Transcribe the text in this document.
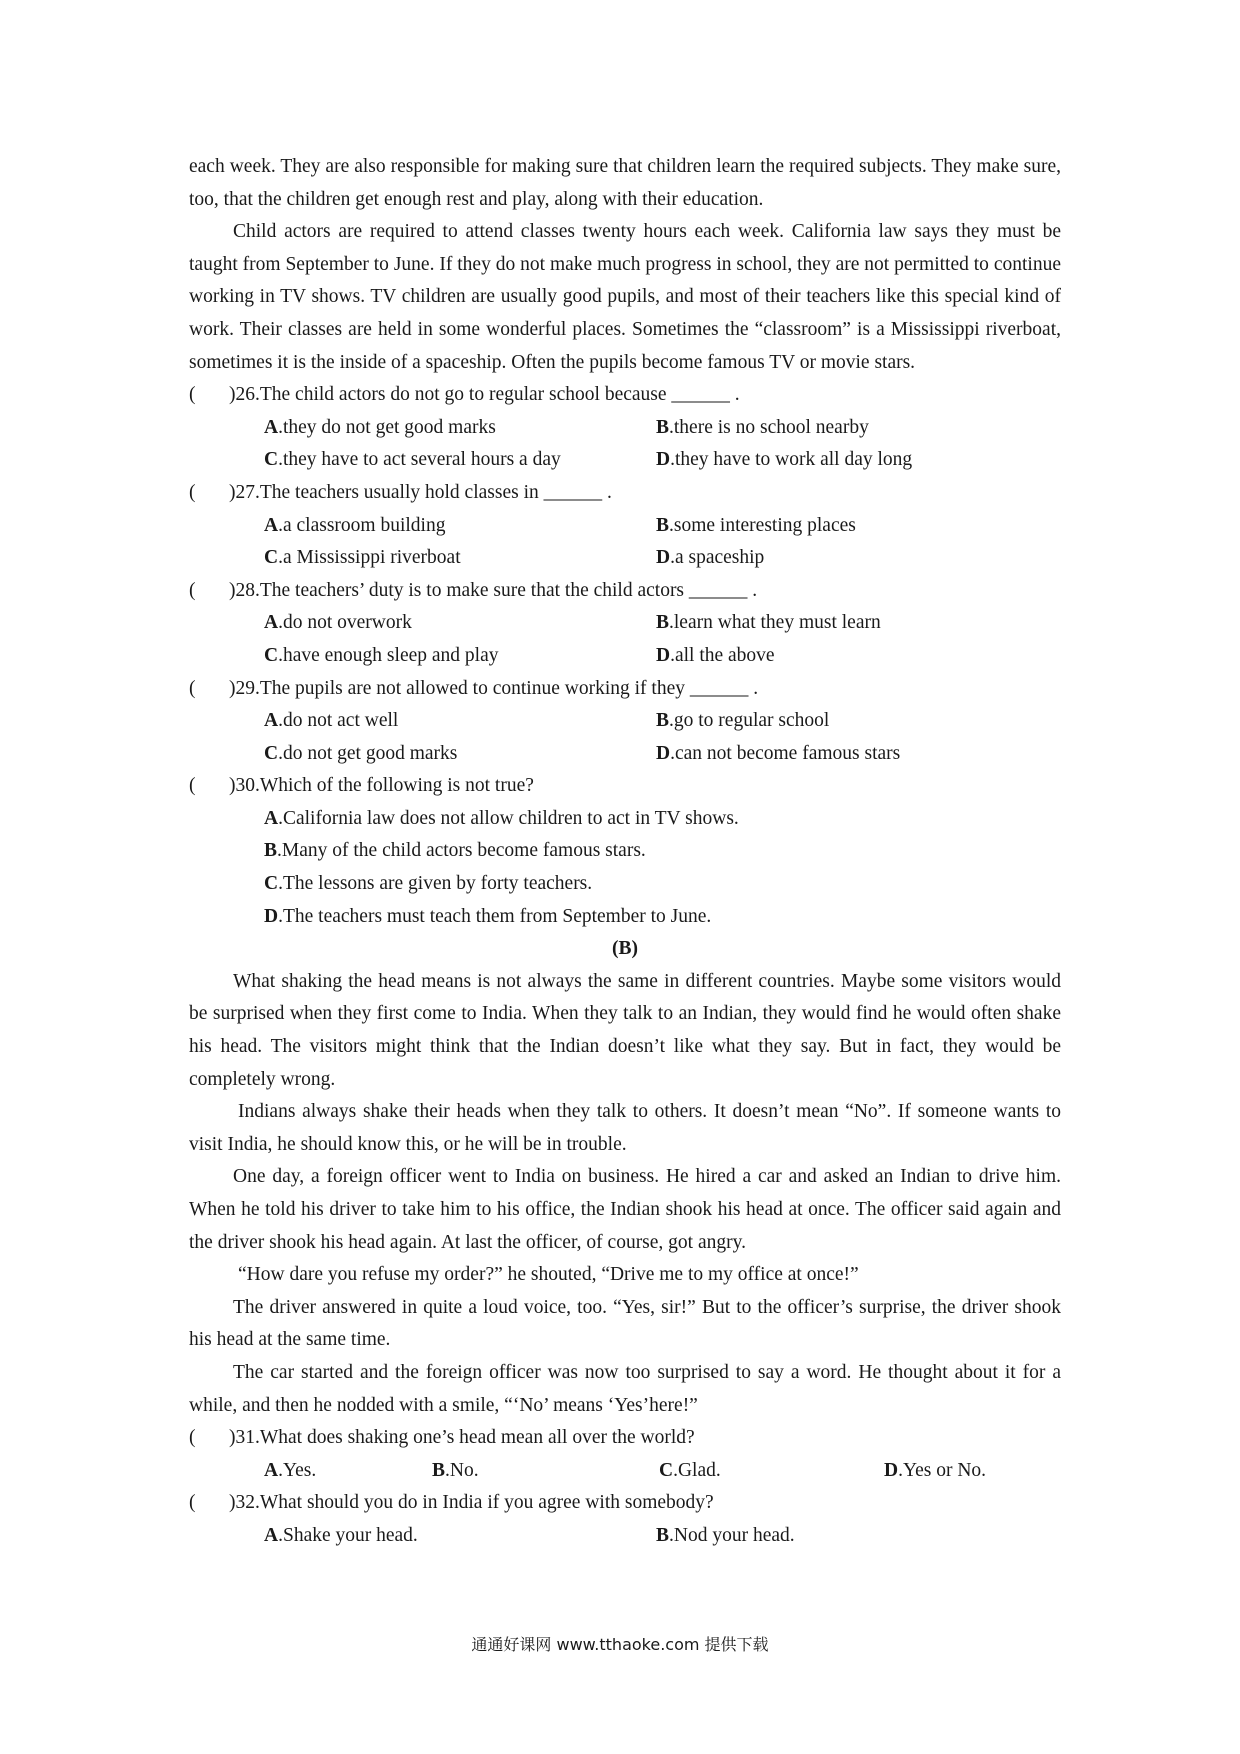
each week. They are also responsible for making sure that children learn the required subjects. They make sure, too, that the children get enough rest and play, along with their education.

Child actors are required to attend classes twenty hours each week. California law says they must be taught from September to June. If they do not make much progress in school, they are not permitted to continue working in TV shows. TV children are usually good pupils, and most of their teachers like this special kind of work. Their classes are held in some wonderful places. Sometimes the “classroom” is a Mississippi riverboat, sometimes it is the inside of a spaceship. Often the pupils become famous TV or movie stars.

(	)26.The child actors do not go to regular school because ______ .
A.they do not get good marks	B.there is no school nearby
C.they have to act several hours a day	D.they have to work all day long
(	)27.The teachers usually hold classes in ______ .
A.a classroom building	B.some interesting places
C.a Mississippi riverboat	D.a spaceship
(	)28.The teachers’ duty is to make sure that the child actors ______ .
A.do not overwork	B.learn what they must learn
C.have enough sleep and play	D.all the above
(	)29.The pupils are not allowed to continue working if they ______ .
A.do not act well	B.go to regular school
C.do not get good marks	D.can not become famous stars
(	)30.Which of the following is not true?
A.California law does not allow children to act in TV shows.
B.Many of the child actors become famous stars.
C.The lessons are given by forty teachers.
D.The teachers must teach them from September to June.

(B)

What shaking the head means is not always the same in different countries. Maybe some visitors would be surprised when they first come to India. When they talk to an Indian, they would find he would often shake his head. The visitors might think that the Indian doesn’t like what they say. But in fact, they would be completely wrong.

Indians always shake their heads when they talk to others. It doesn’t mean “No”. If someone wants to visit India, he should know this, or he will be in trouble.

One day, a foreign officer went to India on business. He hired a car and asked an Indian to drive him. When he told his driver to take him to his office, the Indian shook his head at once. The officer said again and the driver shook his head again. At last the officer, of course, got angry.

“How dare you refuse my order?” he shouted, “Drive me to my office at once!”

The driver answered in quite a loud voice, too. “Yes, sir!” But to the officer’s surprise, the driver shook his head at the same time.

The car started and the foreign officer was now too surprised to say a word. He thought about it for a while, and then he nodded with a smile, “‘No’ means ‘Yes’here!”

(	)31.What does shaking one’s head mean all over the world?
A.Yes.	B.No.	C.Glad.	D.Yes or No.
(	)32.What should you do in India if you agree with somebody?
A.Shake your head.	B.Nod your head.
通通好课网 www.tthaoke.com 提供下载
